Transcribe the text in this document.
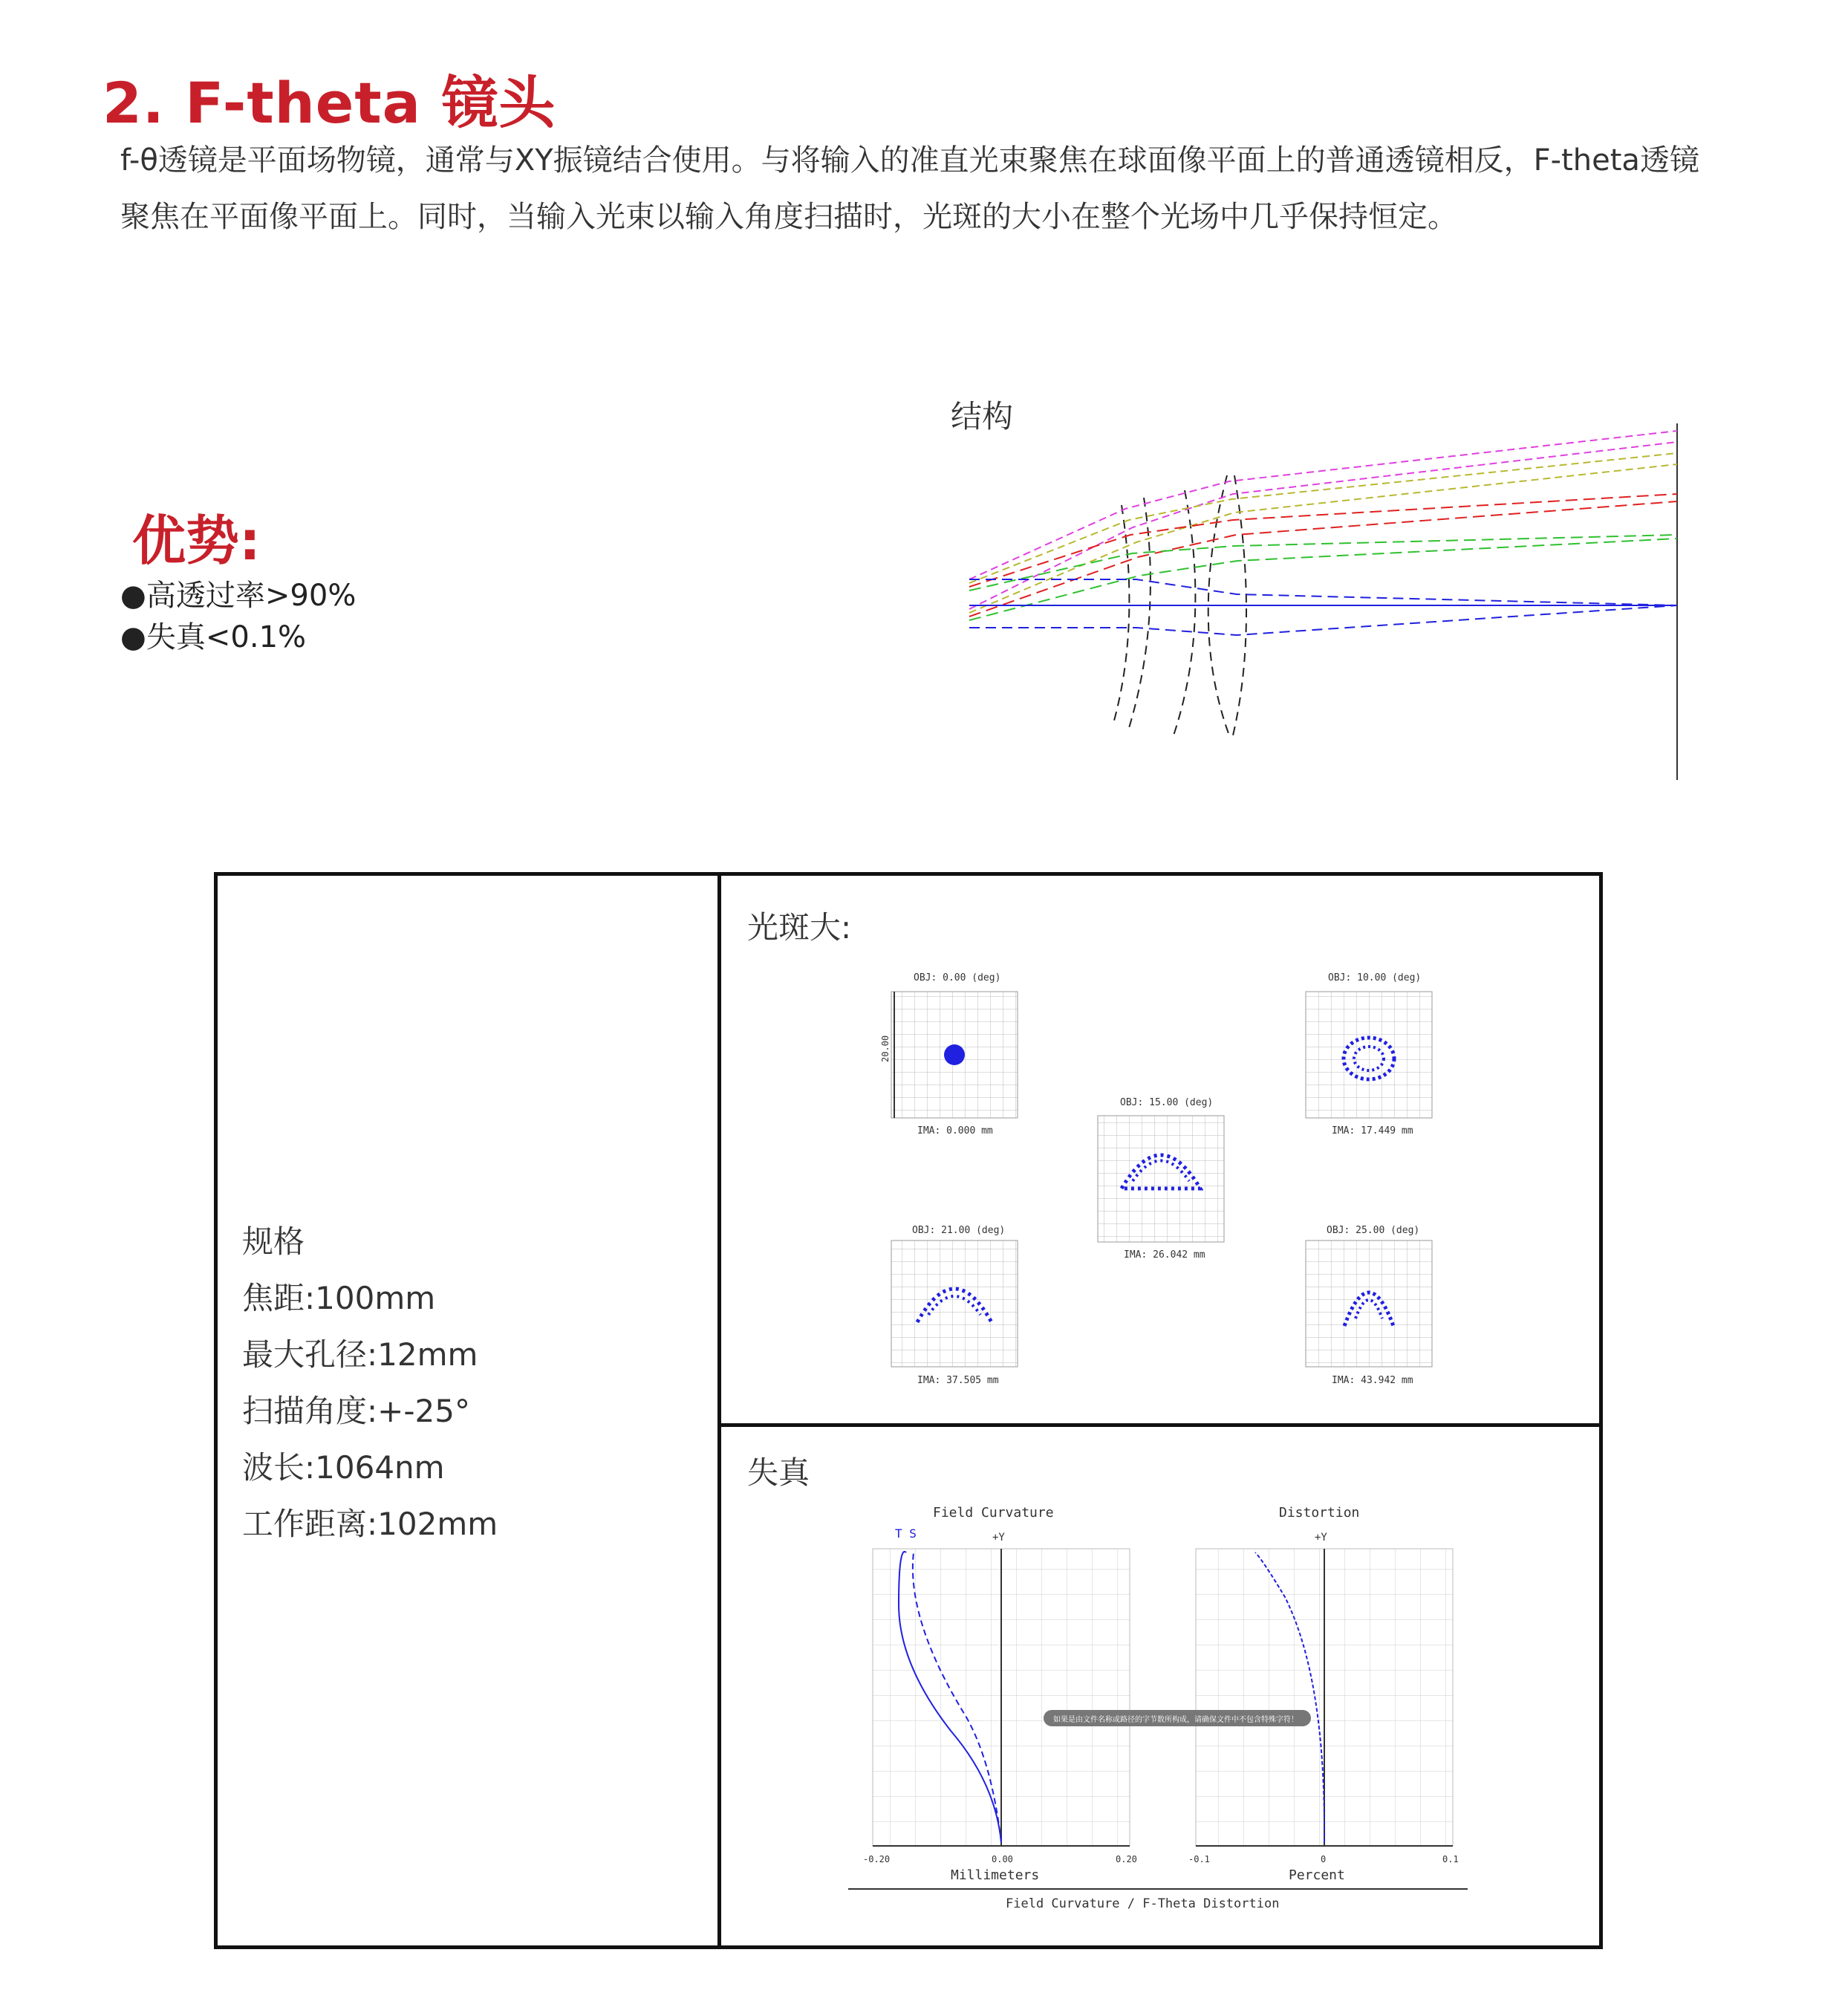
2. F-theta 镜头
f-θ透镜是平面场物镜，通常与XY振镜结合使用。与将输入的准直光束聚焦在球面像平面上的普通透镜相反，F-theta透镜聚焦在平面像平面上。同时，当输入光束以输入角度扫描时，光斑的大小在整个光场中几乎保持恒定。
结构
优势:
●高透过率>90%
●失真<0.1%
规格
焦距:100mm
最大孔径:12mm
扫描角度:+-25°
波长:1064nm
工作距离:102mm
光斑大:
失真
OBJ: 0.00 (deg)
20.00
IMA: 0.000 mm
OBJ: 10.00 (deg)
IMA: 17.449 mm
OBJ: 15.00 (deg)
IMA: 26.042 mm
OBJ: 21.00 (deg)
IMA: 37.505 mm
OBJ: 25.00 (deg)
IMA: 43.942 mm
Field Curvature
T S	+Y
-0.20	0.00	0.20
Millimeters
Distortion
+Y
-0.1	0	0.1
Percent
如果是由文件名称或路径的字节数所构成，请确保文件中不包含特殊字符！
Field Curvature / F-Theta Distortion
